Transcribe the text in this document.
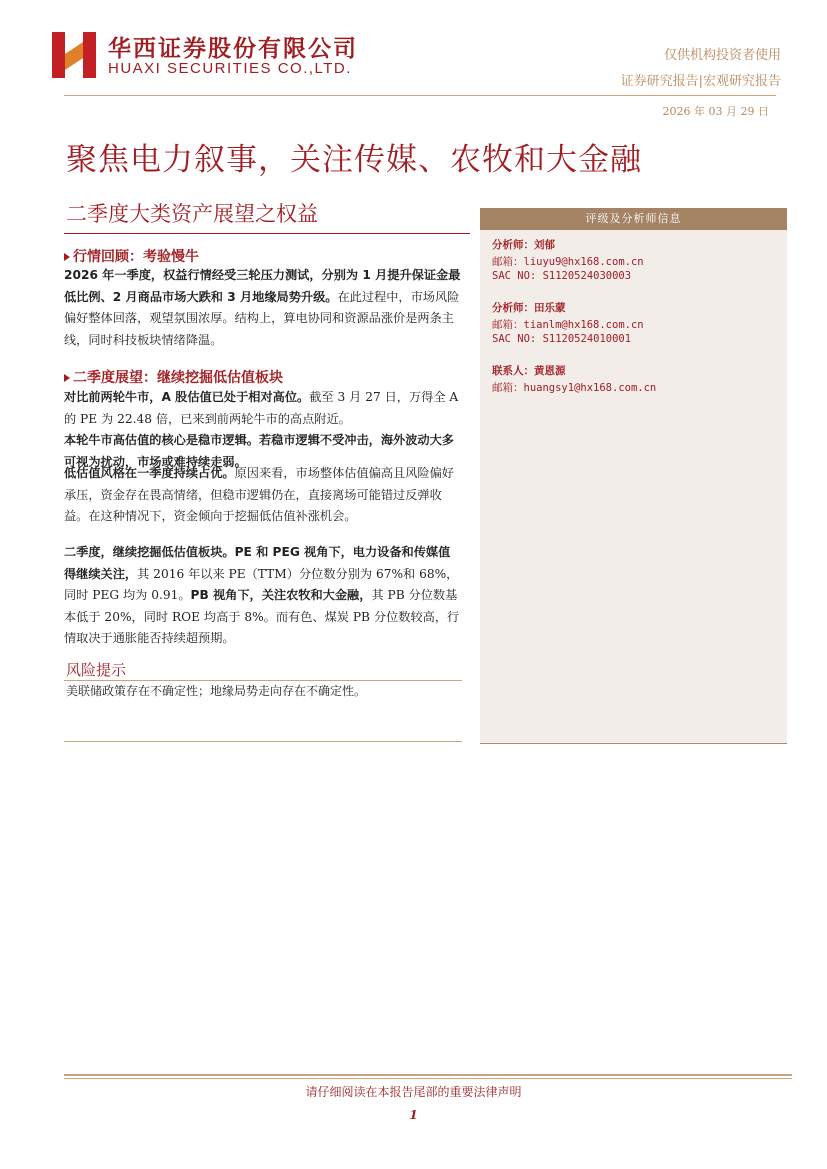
华西证券股份有限公司
HUAXI SECURITIES CO.,LTD.
仅供机构投资者使用
证券研究报告|宏观研究报告
2026 年 03 月 29 日
聚焦电力叙事，关注传媒、农牧和大金融
二季度大类资产展望之权益
行情回顾：考验慢牛
2026 年一季度，权益行情经受三轮压力测试，分别为 1 月提升保证金最低比例、2 月商品市场大跌和 3 月地缘局势升级。在此过程中，市场风险偏好整体回落，观望氛围浓厚。结构上，算电协同和资源品涨价是两条主线，同时科技板块情绪降温。
二季度展望：继续挖掘低估值板块
对比前两轮牛市，A 股估值已处于相对高位。截至 3 月 27 日，万得全 A 的 PE 为 22.48 倍，已来到前两轮牛市的高点附近。
本轮牛市高估值的核心是稳市逻辑。若稳市逻辑不受冲击，海外波动大多可视为扰动，市场或难持续走弱。
低估值风格在一季度持续占优。原因来看，市场整体估值偏高且风险偏好承压，资金存在畏高情绪，但稳市逻辑仍在，直接离场可能错过反弹收益。在这种情况下，资金倾向于挖掘低估值补涨机会。
二季度，继续挖掘低估值板块。PE 和 PEG 视角下，电力设备和传媒值得继续关注，其 2016 年以来 PE（TTM）分位数分别为 67%和 68%，同时 PEG 均为 0.91。PB 视角下，关注农牧和大金融，其 PB 分位数基本低于 20%，同时 ROE 均高于 8%。而有色、煤炭 PB 分位数较高，行情取决于通胀能否持续超预期。
风险提示
美联储政策存在不确定性；地缘局势走向存在不确定性。
评级及分析师信息
分析师：刘郁
邮箱：liuyu9@hx168.com.cn
SAC NO: S1120524030003
分析师：田乐蒙
邮箱：tianlm@hx168.com.cn
SAC NO: S1120524010001
联系人：黄恩源
邮箱：huangsy1@hx168.com.cn
请仔细阅读在本报告尾部的重要法律声明
1
